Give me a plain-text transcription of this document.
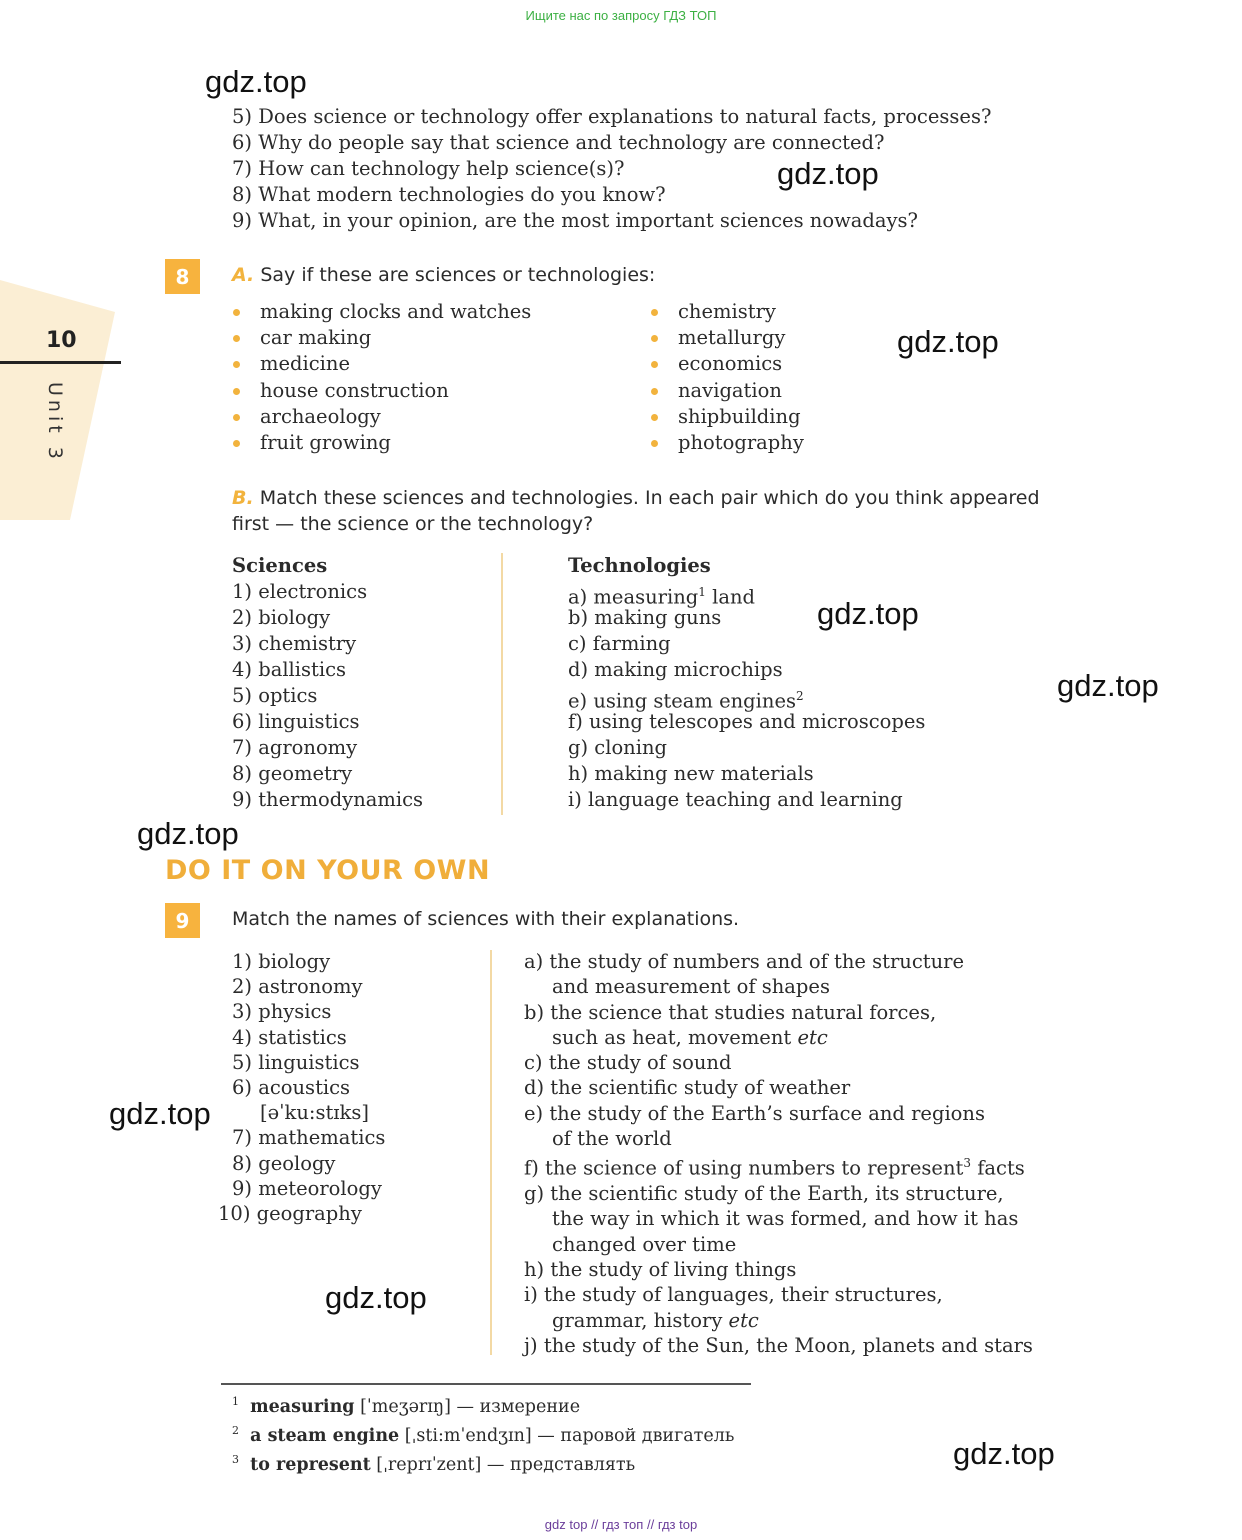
Ищите нас по запросу ГДЗ ТОП
10
Unit 3
5) Does science or technology offer explanations to natural facts, processes?
6) Why do people say that science and technology are connected?
7) How can technology help science(s)?
8) What modern technologies do you know?
9) What, in your opinion, are the most important sciences nowadays?
8	A. Say if these are sciences or technologies:
making clocks and watches
car making
medicine
house construction
archaeology
fruit growing
chemistry
metallurgy
economics
navigation
shipbuilding
photography
B. Match these sciences and technologies. In each pair which do you think appeared
first — the science or the technology?
Sciences
1) electronics
2) biology
3) chemistry
4) ballistics
5) optics
6) linguistics
7) agronomy
8) geometry
9) thermodynamics
Technologies
a) measuring$^1$ land
b) making guns
c) farming
d) making microchips
e) using steam engines$^2$
f) using telescopes and microscopes
g) cloning
h) making new materials
i) language teaching and learning
DO IT ON YOUR OWN
9	Match the names of sciences with their explanations.
1) biology
2) astronomy
3) physics
4) statistics
5) linguistics
6) acoustics
[əˈku:stɪks]
7) mathematics
8) geology
9) meteorology
10) geography
a) the study of numbers and of the structure
and measurement of shapes
b) the science that studies natural forces,
such as heat, movement etc
c) the study of sound
d) the scientific study of weather
e) the study of the Earth’s surface and regions
of the world
f) the science of using numbers to represent$^3$ facts
g) the scientific study of the Earth, its structure,
the way in which it was formed, and how it has
changed over time
h) the study of living things
i) the study of languages, their structures,
grammar, history etc
j) the study of the Sun, the Moon, planets and stars
$^1$ measuring [ˈmeʒərɪŋ] — измерение
$^2$ a steam engine [ˌsti:mˈendʒɪn] — паровой двигатель
$^3$ to represent [ˌreprɪˈzent] — представлять
gdz.top
gdz.top
gdz.top
gdz.top
gdz.top
gdz.top
gdz.top
gdz.top
gdz.top
gdz top // гдз топ // гдз top
